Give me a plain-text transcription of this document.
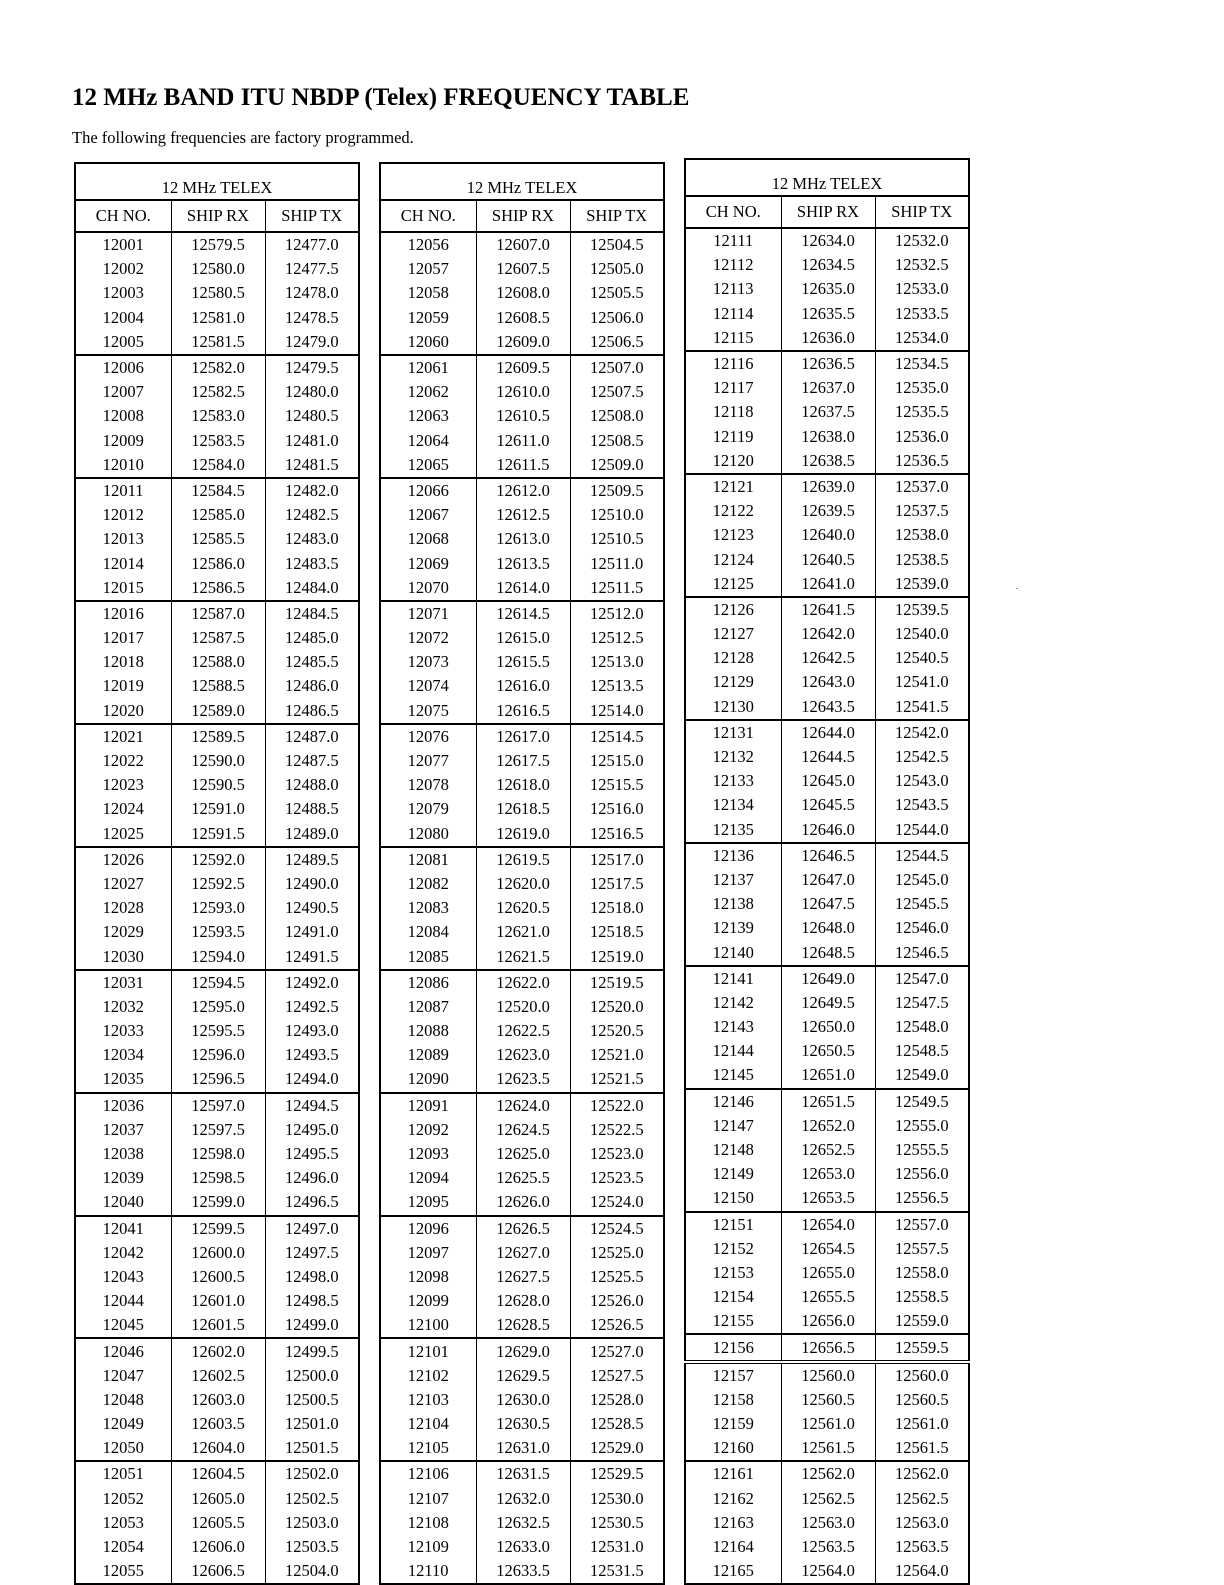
12 MHz BAND ITU NBDP (Telex) FREQUENCY TABLE

The following frequencies are factory programmed.

12 MHz TELEX		
CH NO.	SHIP RX	SHIP TX
12001	12579.5	12477.0
12002	12580.0	12477.5
12003	12580.5	12478.0
12004	12581.0	12478.5
12005	12581.5	12479.0
12006	12582.0	12479.5
12007	12582.5	12480.0
12008	12583.0	12480.5
12009	12583.5	12481.0
12010	12584.0	12481.5
12011	12584.5	12482.0
12012	12585.0	12482.5
12013	12585.5	12483.0
12014	12586.0	12483.5
12015	12586.5	12484.0
12016	12587.0	12484.5
12017	12587.5	12485.0
12018	12588.0	12485.5
12019	12588.5	12486.0
12020	12589.0	12486.5
12021	12589.5	12487.0
12022	12590.0	12487.5
12023	12590.5	12488.0
12024	12591.0	12488.5
12025	12591.5	12489.0
12026	12592.0	12489.5
12027	12592.5	12490.0
12028	12593.0	12490.5
12029	12593.5	12491.0
12030	12594.0	12491.5
12031	12594.5	12492.0
12032	12595.0	12492.5
12033	12595.5	12493.0
12034	12596.0	12493.5
12035	12596.5	12494.0
12036	12597.0	12494.5
12037	12597.5	12495.0
12038	12598.0	12495.5
12039	12598.5	12496.0
12040	12599.0	12496.5
12041	12599.5	12497.0
12042	12600.0	12497.5
12043	12600.5	12498.0
12044	12601.0	12498.5
12045	12601.5	12499.0
12046	12602.0	12499.5
12047	12602.5	12500.0
12048	12603.0	12500.5
12049	12603.5	12501.0
12050	12604.0	12501.5
12051	12604.5	12502.0
12052	12605.0	12502.5
12053	12605.5	12503.0
12054	12606.0	12503.5
12055	12606.5	12504.0
12 MHz TELEX		
CH NO.	SHIP RX	SHIP TX
12056	12607.0	12504.5
12057	12607.5	12505.0
12058	12608.0	12505.5
12059	12608.5	12506.0
12060	12609.0	12506.5
12061	12609.5	12507.0
12062	12610.0	12507.5
12063	12610.5	12508.0
12064	12611.0	12508.5
12065	12611.5	12509.0
12066	12612.0	12509.5
12067	12612.5	12510.0
12068	12613.0	12510.5
12069	12613.5	12511.0
12070	12614.0	12511.5
12071	12614.5	12512.0
12072	12615.0	12512.5
12073	12615.5	12513.0
12074	12616.0	12513.5
12075	12616.5	12514.0
12076	12617.0	12514.5
12077	12617.5	12515.0
12078	12618.0	12515.5
12079	12618.5	12516.0
12080	12619.0	12516.5
12081	12619.5	12517.0
12082	12620.0	12517.5
12083	12620.5	12518.0
12084	12621.0	12518.5
12085	12621.5	12519.0
12086	12622.0	12519.5
12087	12520.0	12520.0
12088	12622.5	12520.5
12089	12623.0	12521.0
12090	12623.5	12521.5
12091	12624.0	12522.0
12092	12624.5	12522.5
12093	12625.0	12523.0
12094	12625.5	12523.5
12095	12626.0	12524.0
12096	12626.5	12524.5
12097	12627.0	12525.0
12098	12627.5	12525.5
12099	12628.0	12526.0
12100	12628.5	12526.5
12101	12629.0	12527.0
12102	12629.5	12527.5
12103	12630.0	12528.0
12104	12630.5	12528.5
12105	12631.0	12529.0
12106	12631.5	12529.5
12107	12632.0	12530.0
12108	12632.5	12530.5
12109	12633.0	12531.0
12110	12633.5	12531.5
12 MHz TELEX		
CH NO.	SHIP RX	SHIP TX
12111	12634.0	12532.0
12112	12634.5	12532.5
12113	12635.0	12533.0
12114	12635.5	12533.5
12115	12636.0	12534.0
12116	12636.5	12534.5
12117	12637.0	12535.0
12118	12637.5	12535.5
12119	12638.0	12536.0
12120	12638.5	12536.5
12121	12639.0	12537.0
12122	12639.5	12537.5
12123	12640.0	12538.0
12124	12640.5	12538.5
12125	12641.0	12539.0
12126	12641.5	12539.5
12127	12642.0	12540.0
12128	12642.5	12540.5
12129	12643.0	12541.0
12130	12643.5	12541.5
12131	12644.0	12542.0
12132	12644.5	12542.5
12133	12645.0	12543.0
12134	12645.5	12543.5
12135	12646.0	12544.0
12136	12646.5	12544.5
12137	12647.0	12545.0
12138	12647.5	12545.5
12139	12648.0	12546.0
12140	12648.5	12546.5
12141	12649.0	12547.0
12142	12649.5	12547.5
12143	12650.0	12548.0
12144	12650.5	12548.5
12145	12651.0	12549.0
12146	12651.5	12549.5
12147	12652.0	12555.0
12148	12652.5	12555.5
12149	12653.0	12556.0
12150	12653.5	12556.5
12151	12654.0	12557.0
12152	12654.5	12557.5
12153	12655.0	12558.0
12154	12655.5	12558.5
12155	12656.0	12559.0
12156	12656.5	12559.5
12157	12560.0	12560.0
12158	12560.5	12560.5
12159	12561.0	12561.0
12160	12561.5	12561.5
12161	12562.0	12562.0
12162	12562.5	12562.5
12163	12563.0	12563.0
12164	12563.5	12563.5
12165	12564.0	12564.0
